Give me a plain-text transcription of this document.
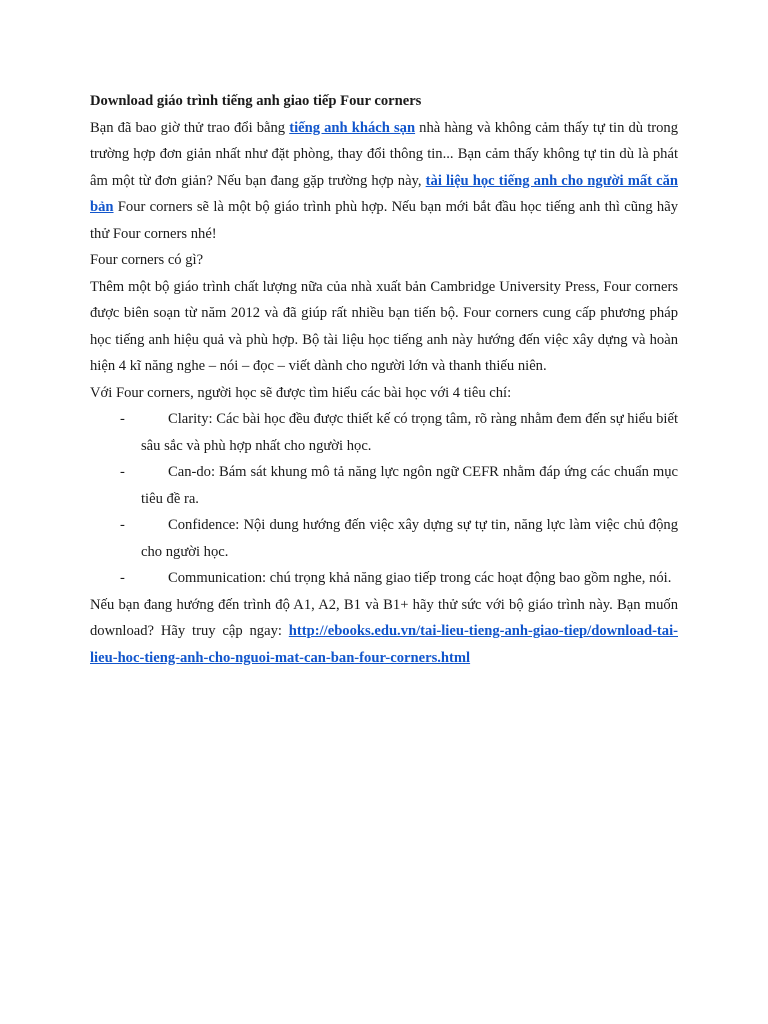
Download giáo trình tiếng anh giao tiếp Four corners

Bạn đã bao giờ thử trao đổi bằng tiếng anh khách sạn nhà hàng và không cảm thấy tự tin dù trong trường hợp đơn giản nhất như đặt phòng, thay đổi thông tin... Bạn cảm thấy không tự tin dù là phát âm một từ đơn giản? Nếu bạn đang gặp trường hợp này, tài liệu học tiếng anh cho người mất căn bản Four corners sẽ là một bộ giáo trình phù hợp. Nếu bạn mới bắt đầu học tiếng anh thì cũng hãy thử Four corners nhé!

Four corners có gì?

Thêm một bộ giáo trình chất lượng nữa của nhà xuất bản Cambridge University Press, Four corners được biên soạn từ năm 2012 và đã giúp rất nhiều bạn tiến bộ. Four corners cung cấp phương pháp học tiếng anh hiệu quả và phù hợp. Bộ tài liệu học tiếng anh này hướng đến việc xây dựng và hoàn hiện 4 kĩ năng nghe – nói – đọc – viết dành cho người lớn và thanh thiếu niên.

Với Four corners, người học sẽ được tìm hiểu các bài học với 4 tiêu chí:

-	Clarity: Các bài học đều được thiết kế có trọng tâm, rõ ràng nhằm đem đến sự hiểu biết sâu sắc và phù hợp nhất cho người học.
-	Can-do: Bám sát khung mô tả năng lực ngôn ngữ CEFR nhằm đáp ứng các chuẩn mục tiêu đề ra.
-	Confidence: Nội dung hướng đến việc xây dựng sự tự tin, năng lực làm việc chủ động cho người học.
-	Communication: chú trọng khả năng giao tiếp trong các hoạt động bao gồm nghe, nói.

Nếu bạn đang hướng đến trình độ A1, A2, B1 và B1+ hãy thử sức với bộ giáo trình này. Bạn muốn download? Hãy truy cập ngay: http://ebooks.edu.vn/tai-lieu-tieng-anh-giao-tiep/download-tai-lieu-hoc-tieng-anh-cho-nguoi-mat-can-ban-four-corners.html
